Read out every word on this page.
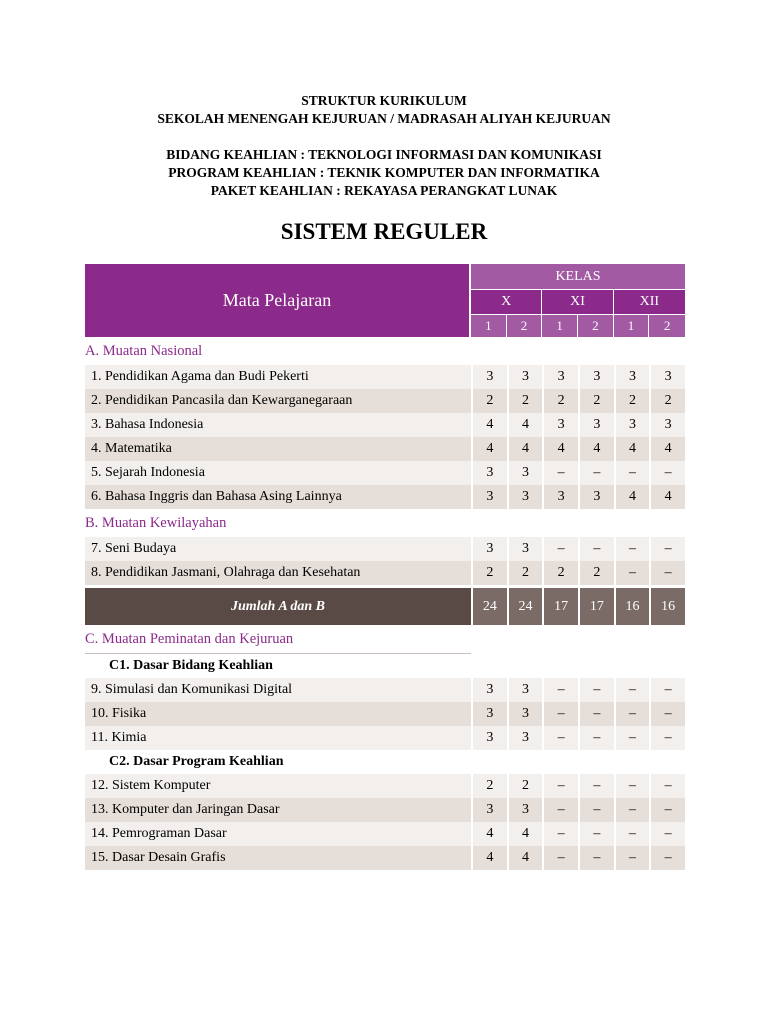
STRUKTUR KURIKULUM
SEKOLAH MENENGAH KEJURUAN / MADRASAH ALIYAH KEJURUAN
BIDANG KEAHLIAN : TEKNOLOGI INFORMASI DAN KOMUNIKASI
PROGRAM KEAHLIAN : TEKNIK KOMPUTER DAN INFORMATIKA
PAKET KEAHLIAN : REKAYASA PERANGKAT LUNAK
SISTEM REGULER
Mata Pelajaran	KELAS					
	X		XI		XII	
	1	2	1	2	1	2
A. Muatan Nasional						
1. Pendidikan Agama dan Budi Pekerti	3	3	3	3	3	3
2. Pendidikan Pancasila dan Kewarganegaraan	2	2	2	2	2	2
3. Bahasa Indonesia	4	4	3	3	3	3
4. Matematika	4	4	4	4	4	4
5. Sejarah Indonesia	3	3	–	–	–	–
6. Bahasa Inggris dan Bahasa Asing Lainnya	3	3	3	3	4	4
B. Muatan Kewilayahan						
7. Seni Budaya	3	3	–	–	–	–
8. Pendidikan Jasmani, Olahraga dan Kesehatan	2	2	2	2	–	–

Jumlah A dan B	24	24	17	17	16	16
C. Muatan Peminatan dan Kejuruan						
C1. Dasar Bidang Keahlian						
9. Simulasi dan Komunikasi Digital	3	3	–	–	–	–
10. Fisika	3	3	–	–	–	–
11. Kimia	3	3	–	–	–	–
C2. Dasar Program Keahlian						
12. Sistem Komputer	2	2	–	–	–	–
13. Komputer dan Jaringan Dasar	3	3	–	–	–	–
14. Pemrograman Dasar	4	4	–	–	–	–
15. Dasar Desain Grafis	4	4	–	–	–	–
